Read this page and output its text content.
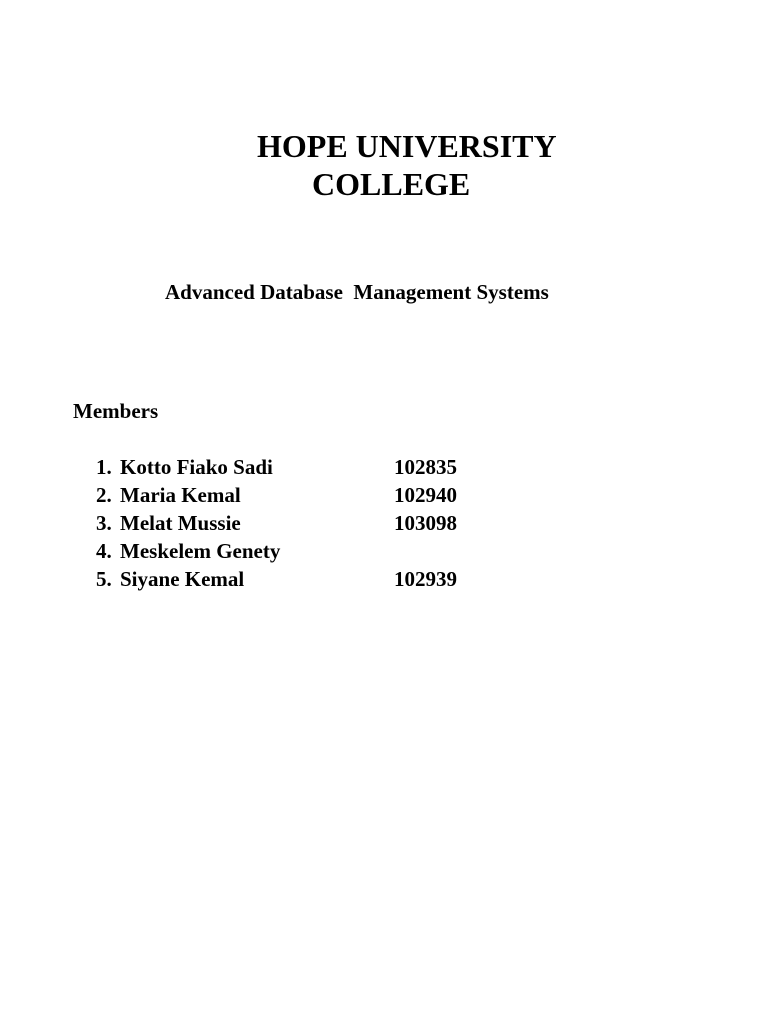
HOPE UNIVERSITY
COLLEGE
Advanced Database  Management Systems
Members
1. Kotto Fiako Sadi	102835
2. Maria Kemal	102940
3. Melat Mussie	103098
4. Meskelem Genety
5. Siyane Kemal	102939
